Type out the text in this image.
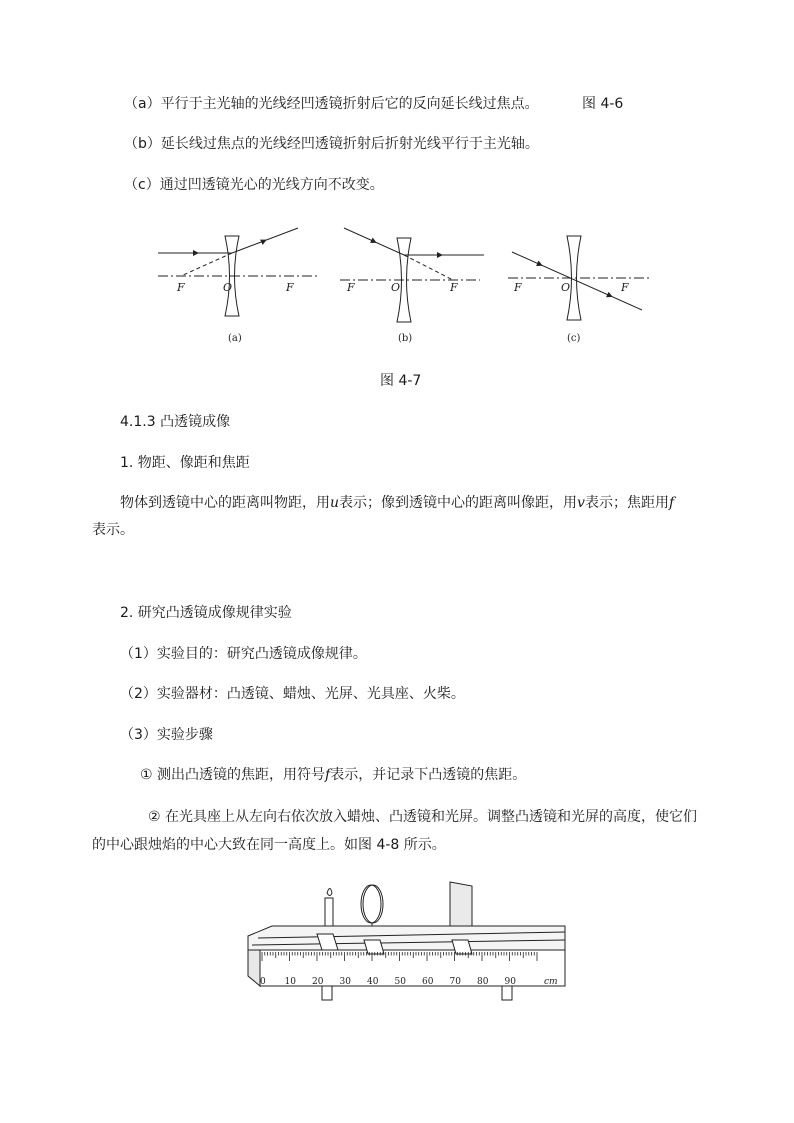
（a）平行于主光轴的光线经凹透镜折射后它的反向延长线过焦点。	图 4-6
（b）延长线过焦点的光线经凹透镜折射后折射光线平行于主光轴。
（c）通过凹透镜光心的光线方向不改变。
F	O	F	F	O	F	F	O	F
(a)	(b)	(c)
图 4-7
4.1.3 凸透镜成像
1. 物距、像距和焦距
物体到透镜中心的距离叫物距，用u表示；像到透镜中心的距离叫像距，用v表示；焦距用f
表示。
2. 研究凸透镜成像规律实验
（1）实验目的：研究凸透镜成像规律。
（2）实验器材：凸透镜、蜡烛、光屏、光具座、火柴。
（3）实验步骤
① 测出凸透镜的焦距，用符号f表示，并记录下凸透镜的焦距。
② 在光具座上从左向右依次放入蜡烛、凸透镜和光屏。调整凸透镜和光屏的高度，使它们
的中心跟烛焰的中心大致在同一高度上。如图 4-8 所示。
0 10 20 30 40 50 60 70 80 90	cm
